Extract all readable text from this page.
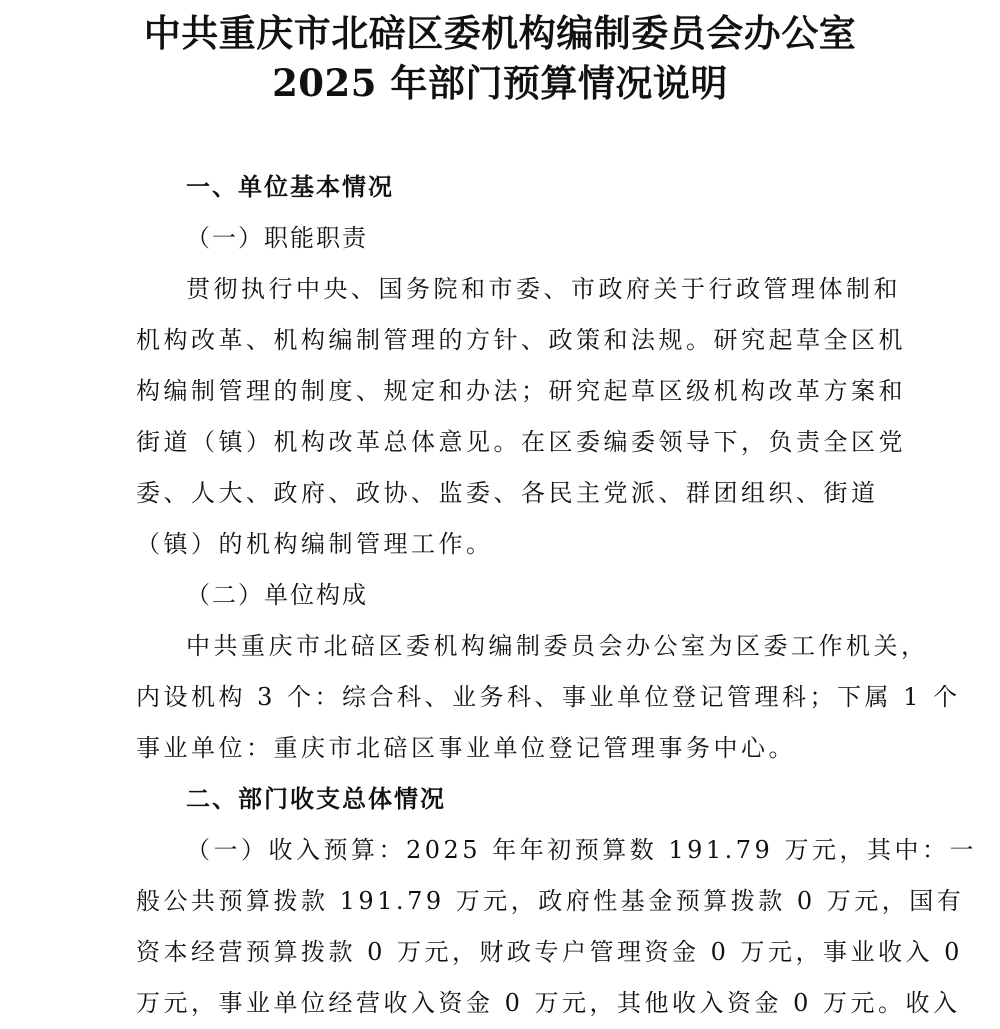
中共重庆市北碚区委机构编制委员会办公室
2025 年部门预算情况说明
一、单位基本情况
（一）职能职责
贯彻执行中央、国务院和市委、市政府关于行政管理体制和
机构改革、机构编制管理的方针、政策和法规。研究起草全区机
构编制管理的制度、规定和办法；研究起草区级机构改革方案和
街道（镇）机构改革总体意见。在区委编委领导下，负责全区党
委、人大、政府、政协、监委、各民主党派、群团组织、街道
（镇）的机构编制管理工作。
（二）单位构成
中共重庆市北碚区委机构编制委员会办公室为区委工作机关，
内设机构 3 个：综合科、业务科、事业单位登记管理科；下属 1 个
事业单位：重庆市北碚区事业单位登记管理事务中心。
二、部门收支总体情况
（一）收入预算：2025 年年初预算数 191.79 万元，其中：一
般公共预算拨款 191.79 万元，政府性基金预算拨款 0 万元，国有
资本经营预算拨款 0 万元，财政专户管理资金 0 万元，事业收入 0
万元，事业单位经营收入资金 0 万元，其他收入资金 0 万元。收入
